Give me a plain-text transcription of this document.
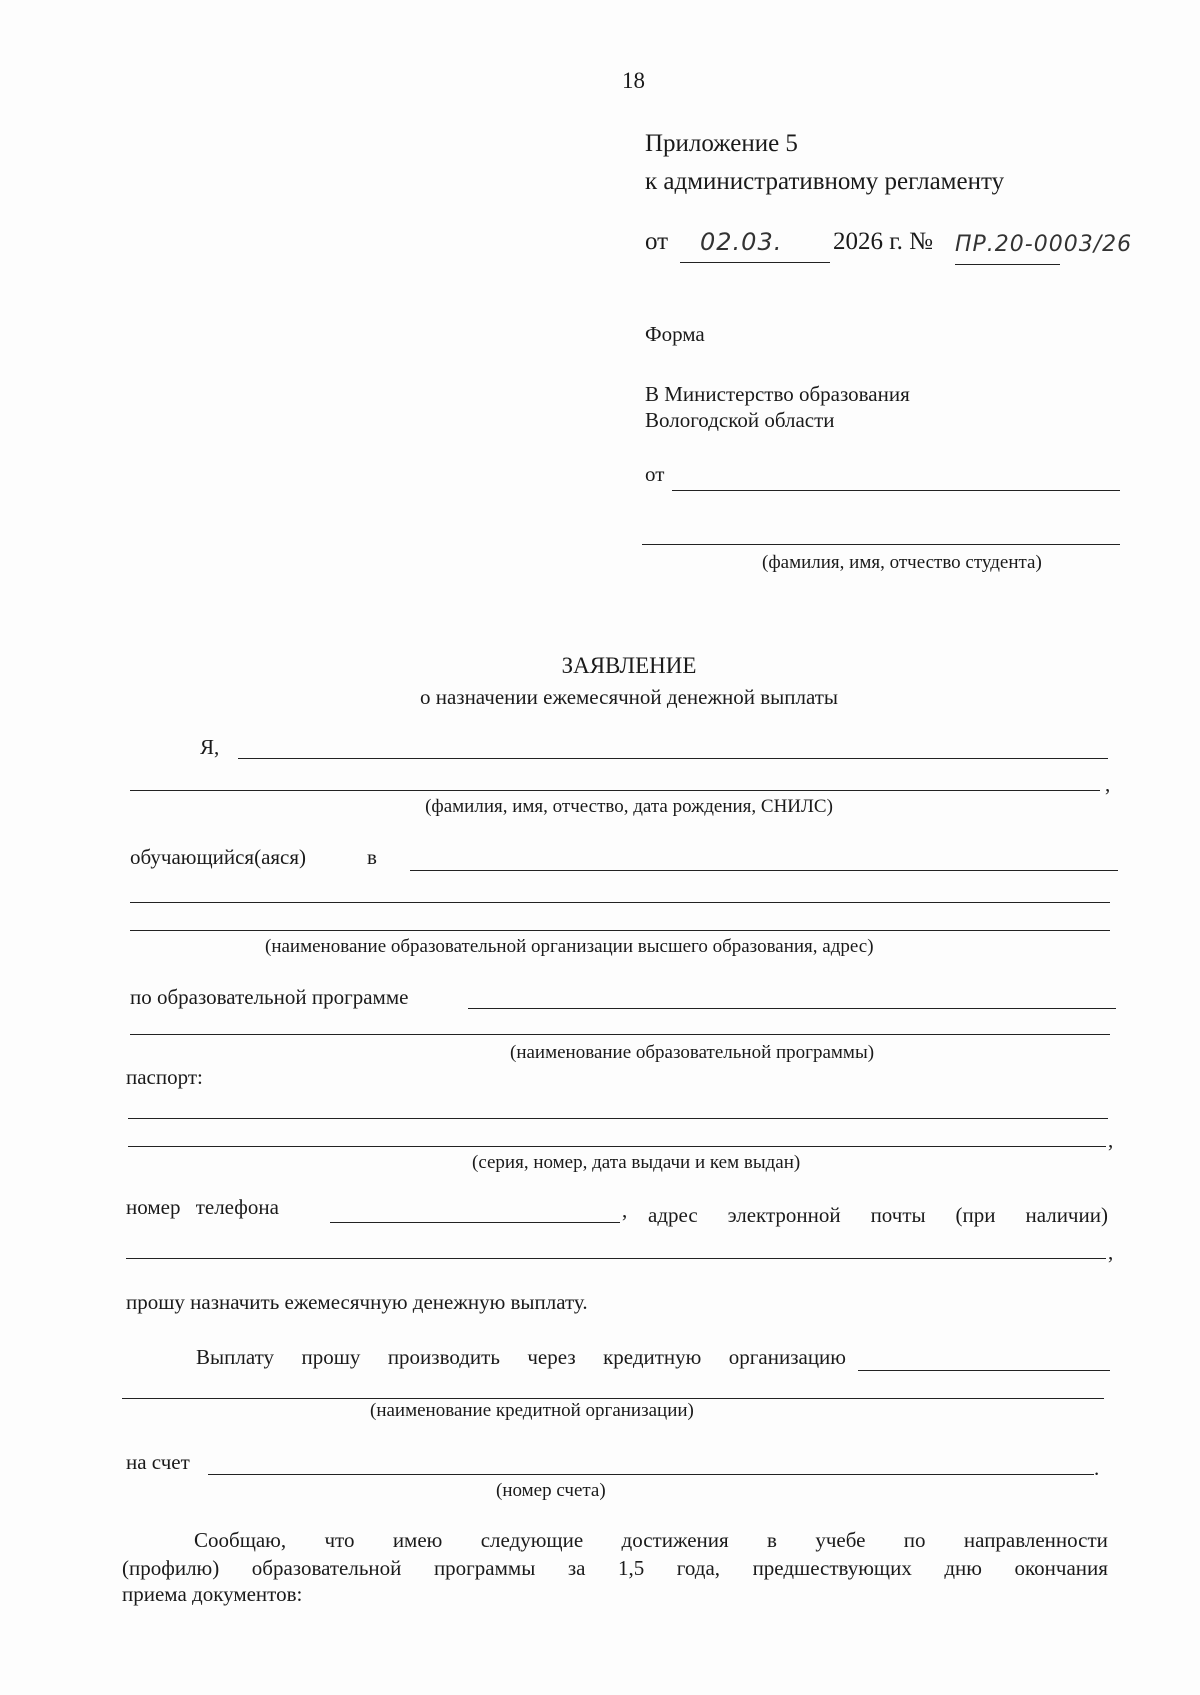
18
Приложение 5
к административному регламенту
от 02.03. 2026 г. № ПР.20-0003/26
Форма
В Министерство образования
Вологодской области
от
(фамилия, имя, отчество студента)
ЗАЯВЛЕНИЕ
о назначении ежемесячной денежной выплаты
Я,
,
(фамилия, имя, отчество, дата рождения, СНИЛС)
обучающийся(аяся)	в
(наименование образовательной организации высшего образования, адрес)
по образовательной программе
(наименование образовательной программы)
паспорт:
,
(серия, номер, дата выдачи и кем выдан)
номер телефона	, адрес электронной почты (при наличии)
,
прошу назначить ежемесячную денежную выплату.
Выплату прошу производить через кредитную организацию
(наименование кредитной организации)
на счет	.
(номер счета)
Сообщаю, что имею следующие достижения в учебе по направленности
(профилю) образовательной программы за 1,5 года, предшествующих дню окончания
приема документов:
